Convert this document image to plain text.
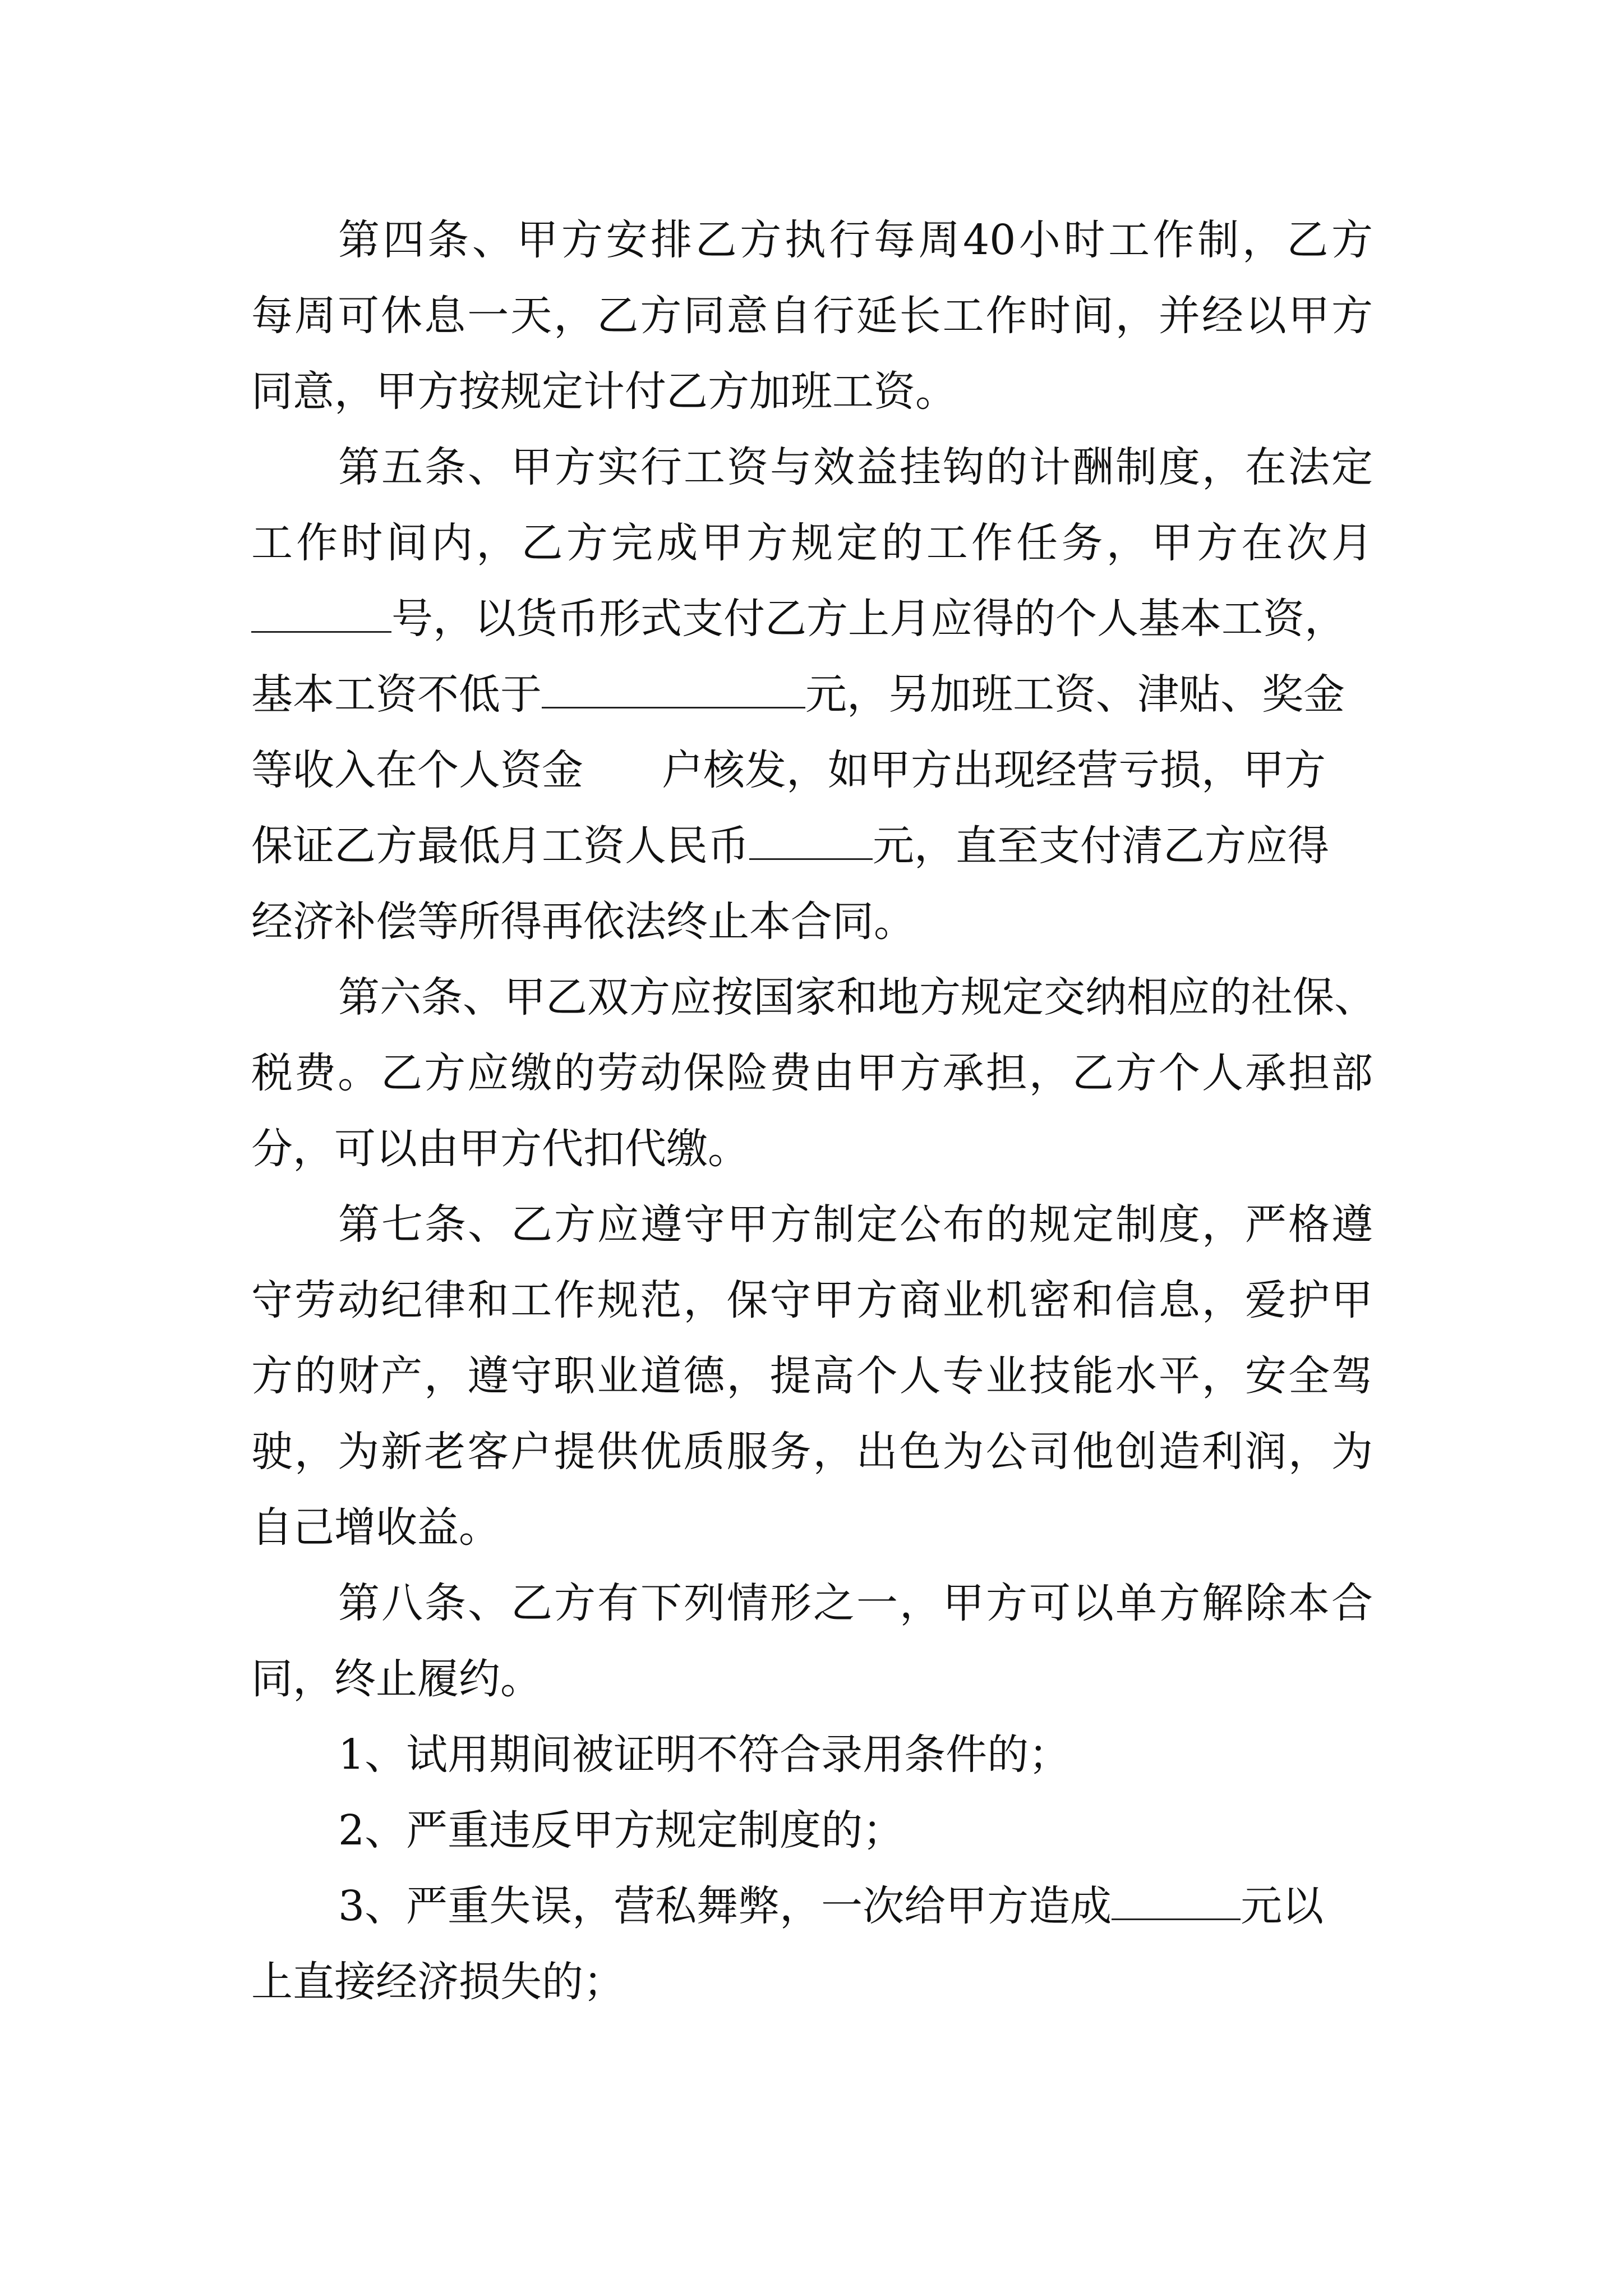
第四条、甲方安排乙方执行每周40小时工作制，乙方
每周可休息一天，乙方同意自行延长工作时间，并经以甲方
同意，甲方按规定计付乙方加班工资。
第五条、甲方实行工资与效益挂钩的计酬制度，在法定
工作时间内，乙方完成甲方规定的工作任务，甲方在次月
号，以货币形式支付乙方上月应得的个人基本工资，
基本工资不低于	元，另加班工资、津贴、奖金
等收入在个人资金 户核发，如甲方出现经营亏损，甲方
保证乙方最低月工资人民币	元，直至支付清乙方应得
经济补偿等所得再依法终止本合同。
第六条、甲乙双方应按国家和地方规定交纳相应的社保、
税费。乙方应缴的劳动保险费由甲方承担，乙方个人承担部
分，可以由甲方代扣代缴。
第七条、乙方应遵守甲方制定公布的规定制度，严格遵
守劳动纪律和工作规范，保守甲方商业机密和信息，爱护甲
方的财产，遵守职业道德，提高个人专业技能水平，安全驾
驶，为新老客户提供优质服务，出色为公司他创造利润，为
自己增收益。
第八条、乙方有下列情形之一，甲方可以单方解除本合
同，终止履约。
1、试用期间被证明不符合录用条件的；
2、严重违反甲方规定制度的；
3、严重失误，营私舞弊，一次给甲方造成	元以
上直接经济损失的；
